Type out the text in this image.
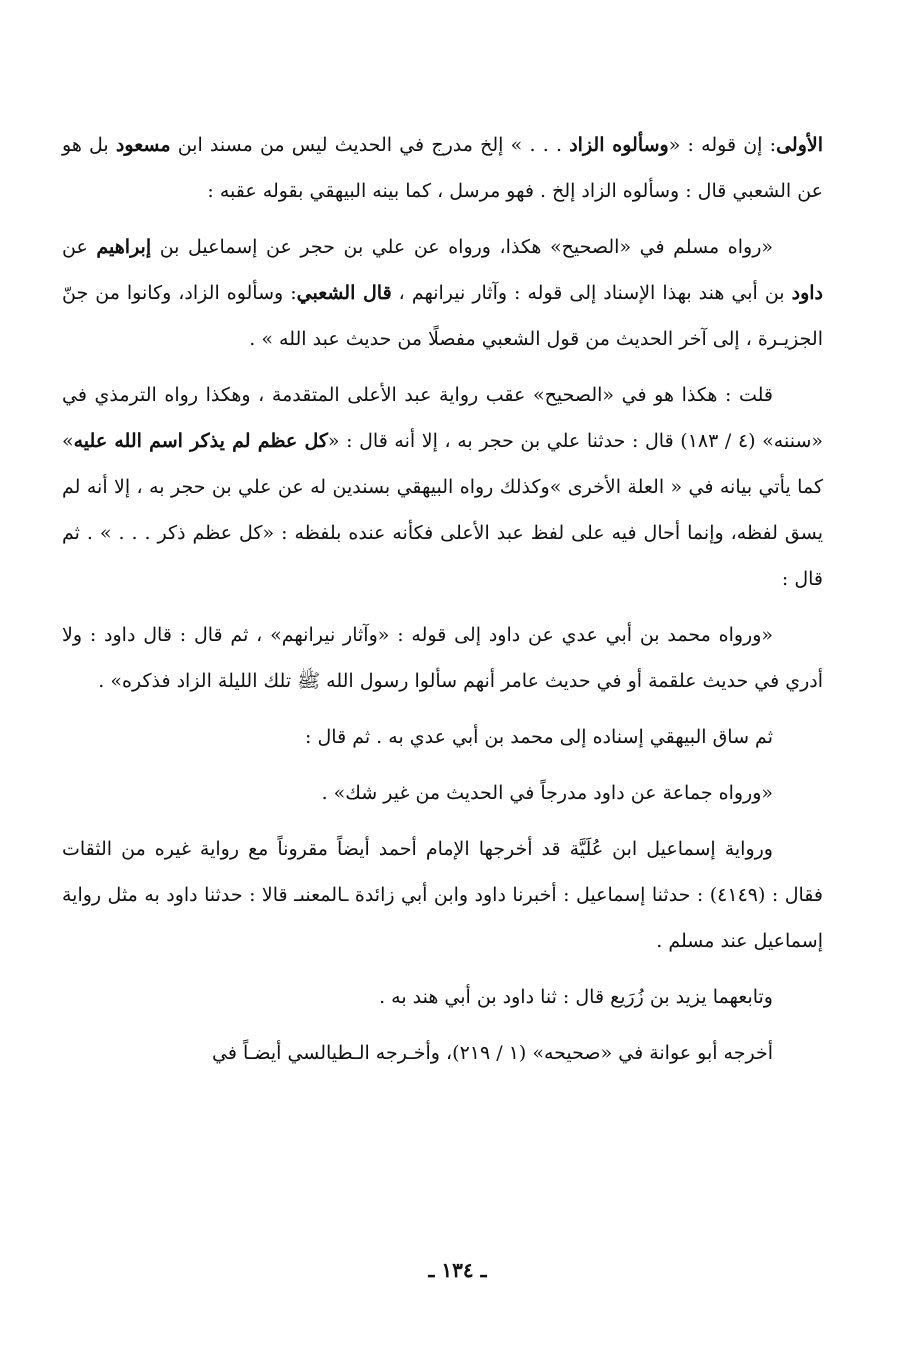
الأولى: إن قوله : «وسألوه الزاد . . . » إلخ مدرج في الحديث ليس من مسند ابن مسعود بل هو عن الشعبي قال : وسألوه الزاد إلخ . فهو مرسل ، كما بينه البيهقي بقوله عقبه :

«رواه مسلم في «الصحيح» هكذا، ورواه عن علي بن حجر عن إسماعيل بن إبراهيم عن داود بن أبي هند بهذا الإسناد إلى قوله : وآثار نيرانهم ، قال الشعبي: وسألوه الزاد، وكانوا من جنّ الجزيـرة ، إلى آخر الحديث من قول الشعبي مفصلًا من حديث عبد الله » .

قلت : هكذا هو في «الصحيح» عقب رواية عبد الأعلى المتقدمة ، وهكذا رواه الترمذي في «سننه» (٤ / ١٨٣) قال : حدثنا علي بن حجر به ، إلا أنه قال : «كل عظم لم يذكر اسم الله عليه» كما يأتي بيانه في « العلة الأخرى »وكذلك رواه البيهقي بسندين له عن علي بن حجر به ، إلا أنه لم يسق لفظه، وإنما أحال فيه على لفظ عبد الأعلى فكأنه عنده بلفظه : «كل عظم ذكر . . . » . ثم قال :

«ورواه محمد بن أبي عدي عن داود إلى قوله : «وآثار نيرانهم» ، ثم قال : قال داود : ولا أدري في حديث علقمة أو في حديث عامر أنهم سألوا رسول الله ﷺ تلك الليلة الزاد فذكره» .

ثم ساق البيهقي إسناده إلى محمد بن أبي عدي به . ثم قال :

«ورواه جماعة عن داود مدرجاً في الحديث من غير شك» .

ورواية إسماعيل ابن عُلَيَّة قد أخرجها الإمام أحمد أيضاً مقروناً مع رواية غيره من الثقات فقال : (٤١٤٩) : حدثنا إسماعيل : أخبرنا داود وابن أبي زائدة ـالمعنىـ قالا : حدثنا داود به مثل رواية إسماعيل عند مسلم .

وتابعهما يزيد بن زُرَيع قال : ثنا داود بن أبي هند به .

أخرجه أبو عوانة في «صحيحه» (١ / ٢١٩)، وأخـرجه الـطيالسي أيضـاً في

ـ ١٣٤ ـ
